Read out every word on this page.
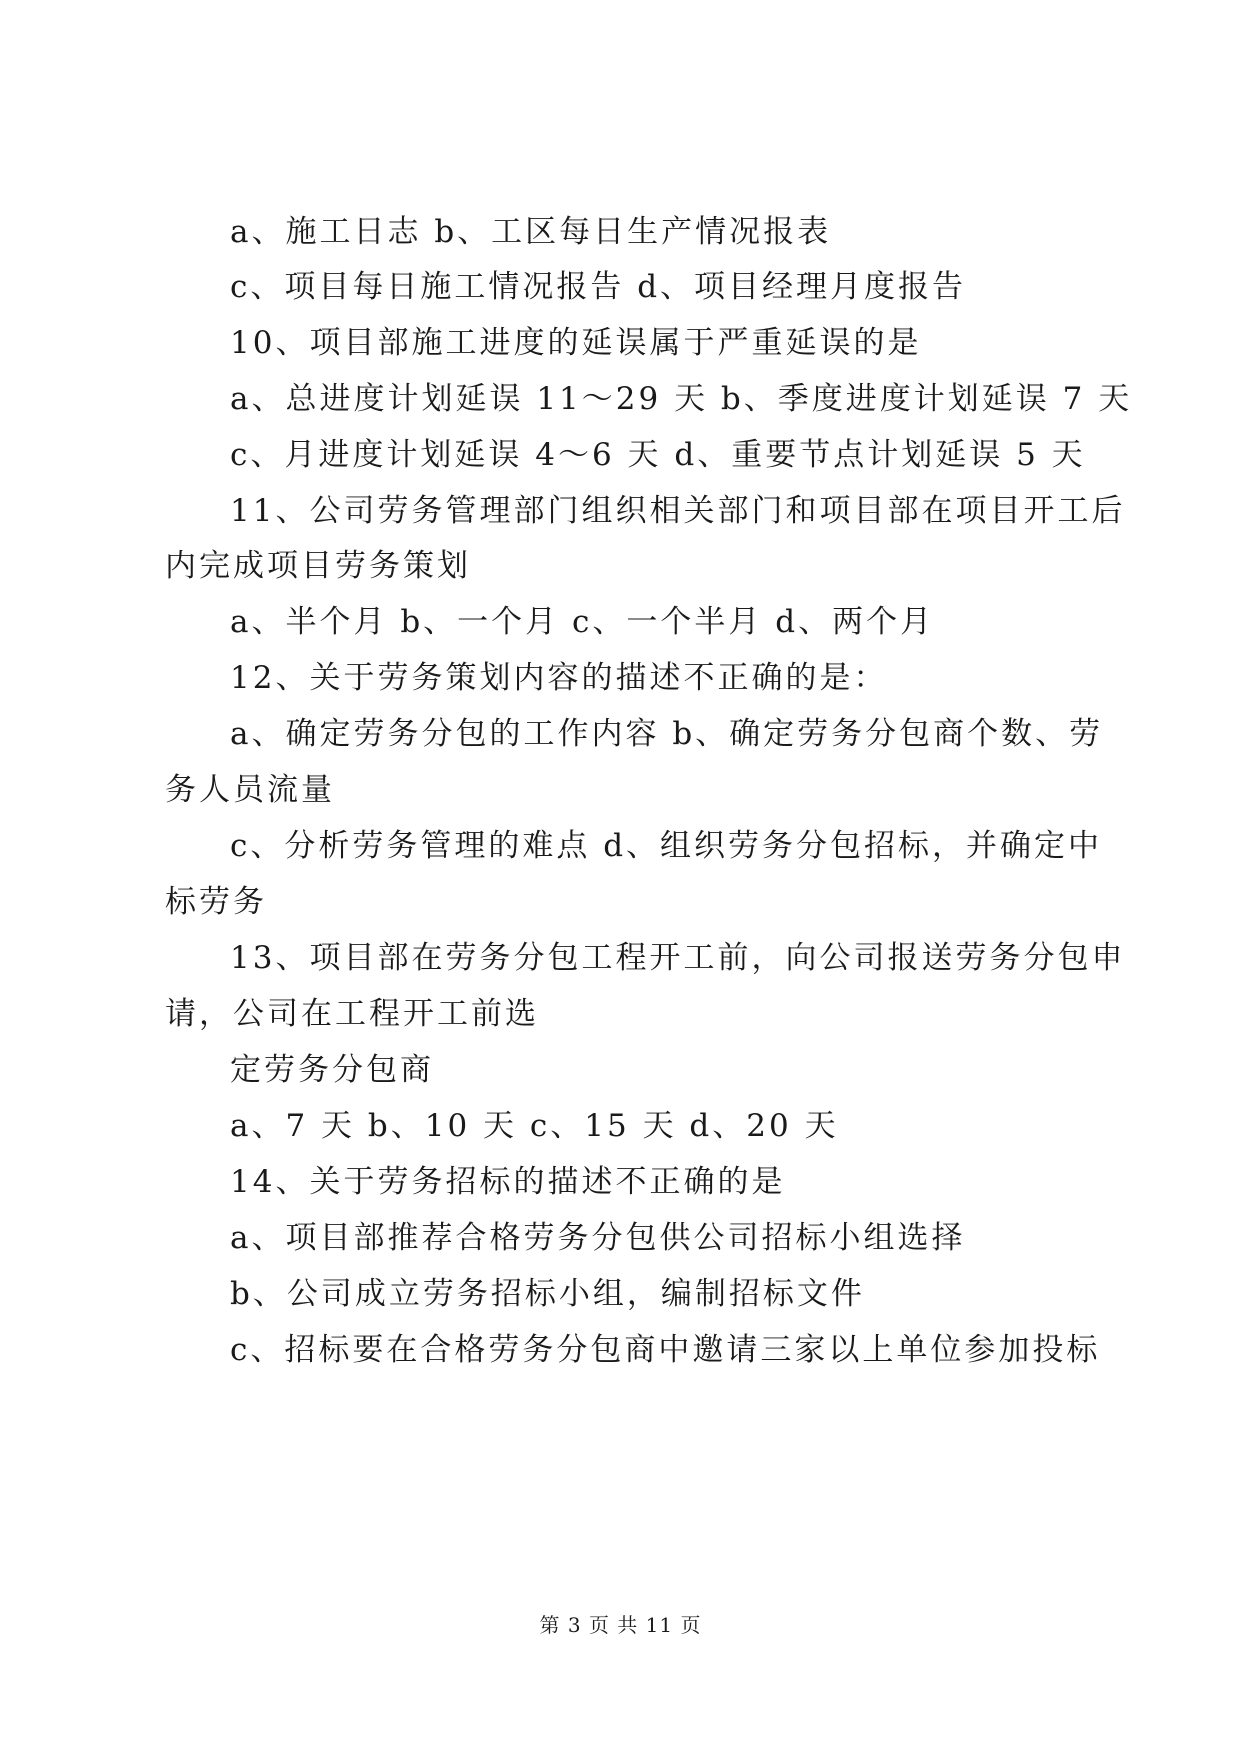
a、施工日志 b、工区每日生产情况报表
c、项目每日施工情况报告 d、项目经理月度报告
10、项目部施工进度的延误属于严重延误的是
a、总进度计划延误 11～29 天 b、季度进度计划延误 7 天
c、月进度计划延误 4～6 天 d、重要节点计划延误 5 天
11、公司劳务管理部门组织相关部门和项目部在项目开工后
内完成项目劳务策划
a、半个月 b、一个月 c、一个半月 d、两个月
12、关于劳务策划内容的描述不正确的是：
a、确定劳务分包的工作内容 b、确定劳务分包商个数、劳
务人员流量
c、分析劳务管理的难点 d、组织劳务分包招标，并确定中
标劳务
13、项目部在劳务分包工程开工前，向公司报送劳务分包申
请，公司在工程开工前选
定劳务分包商
a、7 天 b、10 天 c、15 天 d、20 天
14、关于劳务招标的描述不正确的是
a、项目部推荐合格劳务分包供公司招标小组选择
b、公司成立劳务招标小组，编制招标文件
c、招标要在合格劳务分包商中邀请三家以上单位参加投标
第 3 页 共 11 页
